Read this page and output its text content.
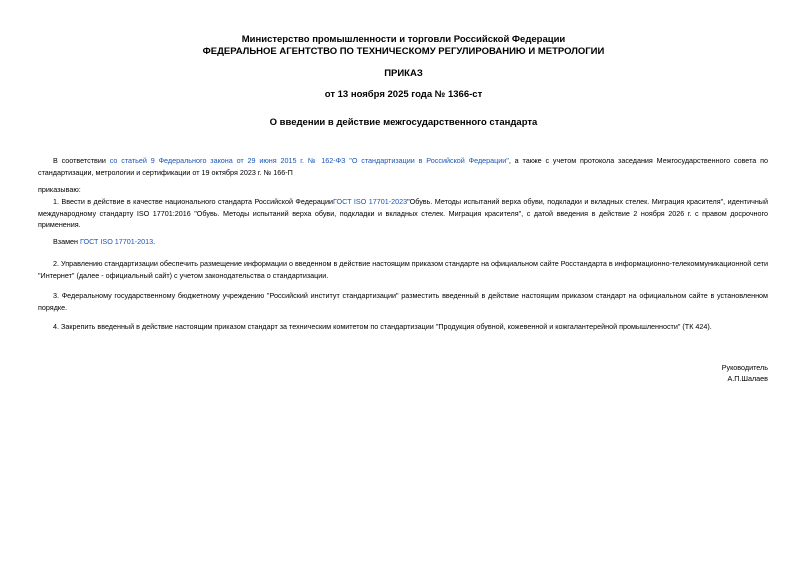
Министерство промышленности и торговли Российской Федерации
ФЕДЕРАЛЬНОЕ АГЕНТСТВО ПО ТЕХНИЧЕСКОМУ РЕГУЛИРОВАНИЮ И МЕТРОЛОГИИ
ПРИКАЗ
от 13 ноября 2025 года № 1366-ст
О введении в действие межгосударственного стандарта
В соответствии со статьей 9 Федерального закона от 29 июня 2015 г. № 162-ФЗ "О стандартизации в Российской Федерации", а также с учетом протокола заседания Межгосударственного совета по стандартизации, метрологии и сертификации от 19 октября 2023 г. № 166-П
приказываю:
1. Ввести в действие в качестве национального стандарта Российской ФедерацииГОСТ ISO 17701-2023"Обувь. Методы испытаний верха обуви, подкладки и вкладных стелек. Миграция красителя", идентичный международному стандарту ISO 17701:2016 "Обувь. Методы испытаний верха обуви, подкладки и вкладных стелек. Миграция красителя", с датой введения в действие 2 ноября 2026 г. с правом досрочного применения.
Взамен ГОСТ ISO 17701-2013.
2. Управлению стандартизации обеспечить размещение информации о введенном в действие настоящим приказом стандарте на официальном сайте Росстандарта в информационно-телекоммуникационной сети "Интернет" (далее - официальный сайт) с учетом законодательства о стандартизации.
3. Федеральному государственному бюджетному учреждению "Российский институт стандартизации" разместить введенный в действие настоящим приказом стандарт на официальном сайте в установленном порядке.
4. Закрепить введенный в действие настоящим приказом стандарт за техническим комитетом по стандартизации "Продукция обувной, кожевенной и кожгалантерейной промышленности" (ТК 424).
Руководитель
А.П.Шалаев
